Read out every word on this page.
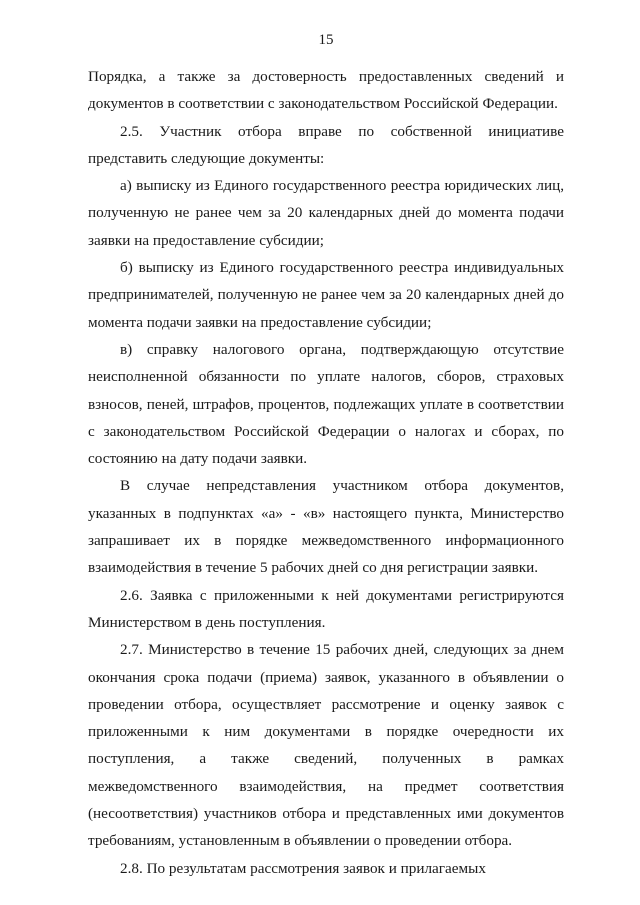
15

Порядка, а также за достоверность предоставленных сведений и документов в соответствии с законодательством Российской Федерации.

2.5. Участник отбора вправе по собственной инициативе представить следующие документы:

а) выписку из Единого государственного реестра юридических лиц, полученную не ранее чем за 20 календарных дней до момента подачи заявки на предоставление субсидии;

б) выписку из Единого государственного реестра индивидуальных предпринимателей, полученную не ранее чем за 20 календарных дней до момента подачи заявки на предоставление субсидии;

в) справку налогового органа, подтверждающую отсутствие неисполненной обязанности по уплате налогов, сборов, страховых взносов, пеней, штрафов, процентов, подлежащих уплате в соответствии с законодательством Российской Федерации о налогах и сборах, по состоянию на дату подачи заявки.

В случае непредставления участником отбора документов, указанных в подпунктах «а» - «в» настоящего пункта, Министерство запрашивает их в порядке межведомственного информационного взаимодействия в течение 5 рабочих дней со дня регистрации заявки.

2.6. Заявка с приложенными к ней документами регистрируются Министерством в день поступления.

2.7. Министерство в течение 15 рабочих дней, следующих за днем окончания срока подачи (приема) заявок, указанного в объявлении о проведении отбора, осуществляет рассмотрение и оценку заявок с приложенными к ним документами в порядке очередности их поступления, а также сведений, полученных в рамках межведомственного взаимодействия, на предмет соответствия (несоответствия) участников отбора и представленных ими документов требованиям, установленным в объявлении о проведении отбора.

2.8. По результатам рассмотрения заявок и прилагаемых
